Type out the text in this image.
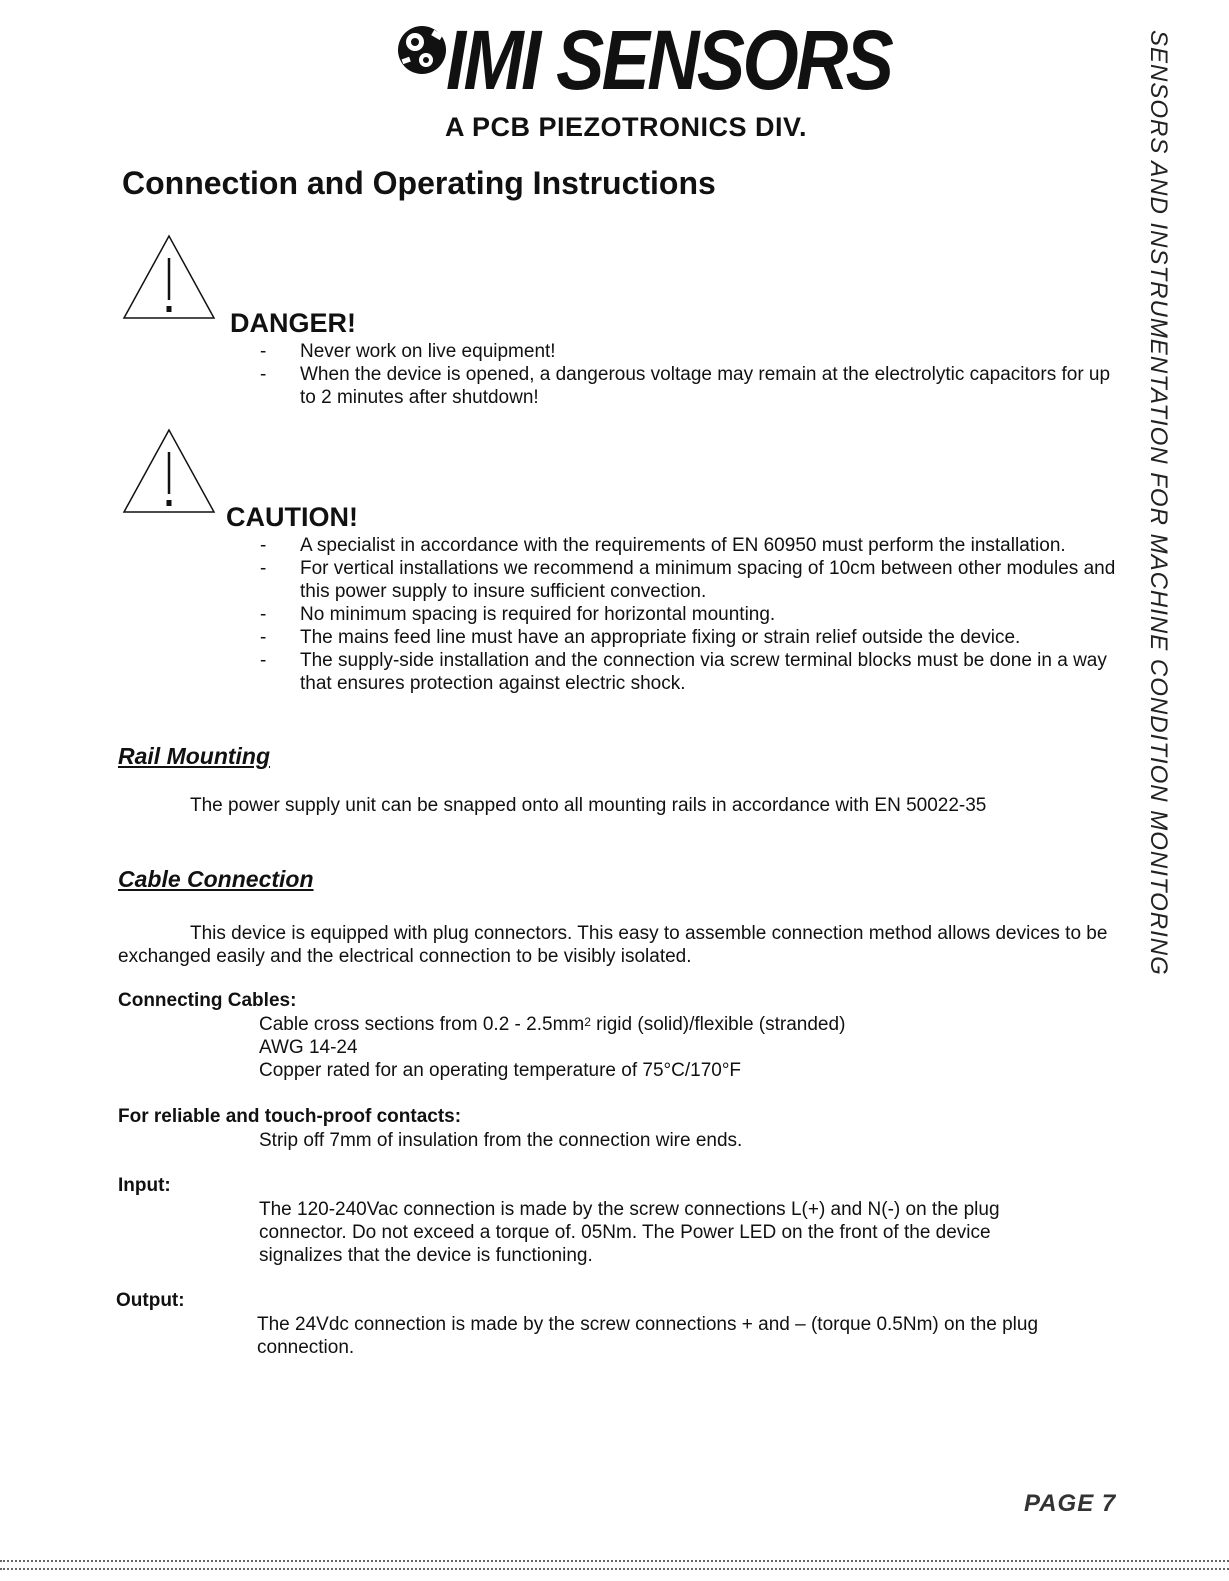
IMI SENSORS
A PCB PIEZOTRONICS DIV.
Connection and Operating Instructions
DANGER!
- Never work on live equipment!
- When the device is opened, a dangerous voltage may remain at the electrolytic capacitors for up to 2 minutes after shutdown!
CAUTION!
- A specialist in accordance with the requirements of EN 60950 must perform the installation.
- For vertical installations we recommend a minimum spacing of 10cm between other modules and this power supply to insure sufficient convection.
- No minimum spacing is required for horizontal mounting.
- The mains feed line must have an appropriate fixing or strain relief outside the device.
- The supply-side installation and the connection via screw terminal blocks must be done in a way that ensures protection against electric shock.
Rail Mounting
The power supply unit can be snapped onto all mounting rails in accordance with EN 50022-35
Cable Connection
This device is equipped with plug connectors. This easy to assemble connection method allows devices to be exchanged easily and the electrical connection to be visibly isolated.
Connecting Cables:
Cable cross sections from $0.2 - 2.5mm^2$ rigid (solid)/flexible (stranded)
AWG 14-24
Copper rated for an operating temperature of 75°C/170°F
For reliable and touch-proof contacts:
Strip off 7mm of insulation from the connection wire ends.
Input:
The 120-240Vac connection is made by the screw connections L(+) and N(-) on the plug connector. Do not exceed a torque of. 05Nm. The Power LED on the front of the device signalizes that the device is functioning.
Output:
The 24Vdc connection is made by the screw connections + and – (torque 0.5Nm) on the plug connection.
SENSORS AND INSTRUMENTATION FOR MACHINE CONDITION MONITORING
PAGE 7
